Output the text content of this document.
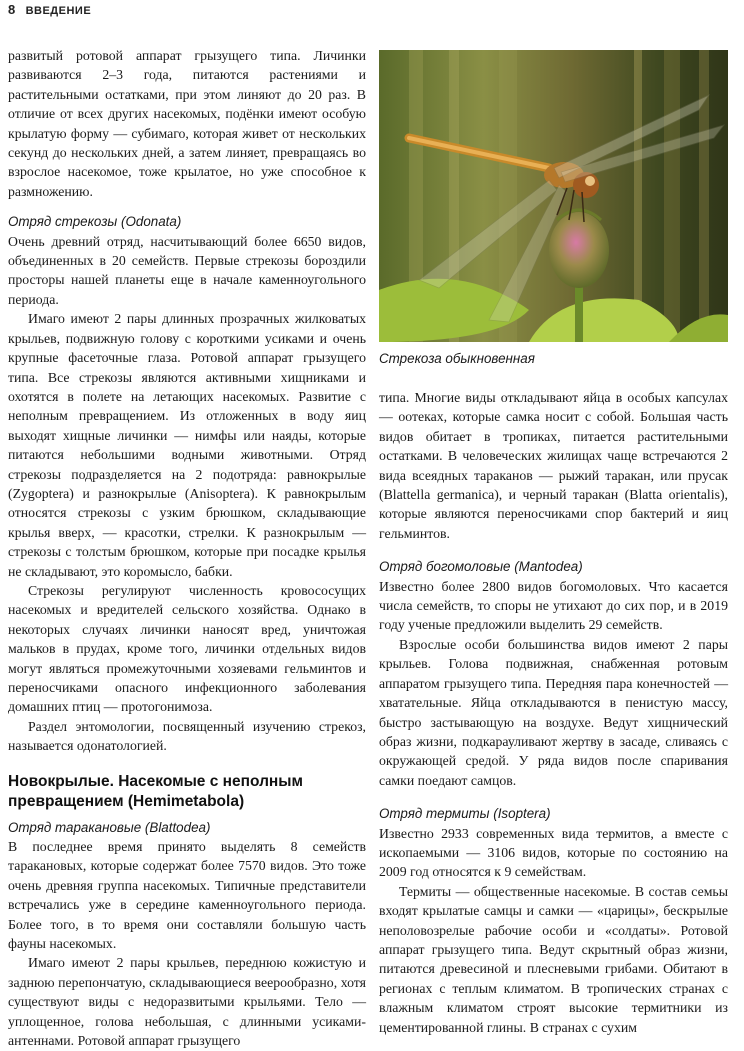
8 ВВЕДЕНИЕ

развитый ротовой аппарат грызущего типа. Личинки развиваются 2–3 года, питаются растениями и растительными остатками, при этом линяют до 20 раз. В отличие от всех других насекомых, подёнки имеют особую крылатую форму — субимаго, которая живет от нескольких секунд до нескольких дней, а затем линяет, превращаясь во взрослое насекомое, тоже крылатое, но уже способное к размножению.

Отряд стрекозы (Odonata)

Очень древний отряд, насчитывающий более 6650 видов, объединенных в 20 семейств. Первые стрекозы бороздили просторы нашей планеты еще в начале каменноугольного периода.

Имаго имеют 2 пары длинных прозрачных жилковатых крыльев, подвижную голову с короткими усиками и очень крупные фасеточные глаза. Ротовой аппарат грызущего типа. Все стрекозы являются активными хищниками и охотятся в полете на летающих насекомых. Развитие с неполным превращением. Из отложенных в воду яиц выходят хищные личинки — нимфы или наяды, которые питаются небольшими водными животными. Отряд стрекозы подразделяется на 2 подотряда: равнокрылые (Zygoptera) и разнокрылые (Anisoptera). К равнокрылым относятся стрекозы с узким брюшком, складывающие крылья вверх, — красотки, стрелки. К разнокрылым — стрекозы с толстым брюшком, которые при посадке крылья не складывают, это коромысло, бабки.

Стрекозы регулируют численность кровососущих насекомых и вредителей сельского хозяйства. Однако в некоторых случаях личинки наносят вред, уничтожая мальков в прудах, кроме того, личинки отдельных видов могут являться промежуточными хозяевами гельминтов и переносчиками опасного инфекционного заболевания домашних птиц — протогонимоза.

Раздел энтомологии, посвященный изучению стрекоз, называется одонатологией.

Новокрылые. Насекомые с неполным превращением (Hemimetabola)

Отряд таракановые (Blattodea)

В последнее время принято выделять 8 семейств таракановых, которые содержат более 7570 видов. Это тоже очень древняя группа насекомых. Типичные представители встречались уже в середине каменноугольного периода. Более того, в то время они составляли большую часть фауны насекомых.

Имаго имеют 2 пары крыльев, переднюю кожистую и заднюю перепончатую, складывающиеся веерообразно, хотя существуют виды с недоразвитыми крыльями. Тело — уплощенное, голова небольшая, с длинными усиками-антеннами. Ротовой аппарат грызущего

Стрекоза обыкновенная

типа. Многие виды откладывают яйца в особых капсулах — оотеках, которые самка носит с собой. Большая часть видов обитает в тропиках, питается растительными остатками. В человеческих жилищах чаще встречаются 2 вида всеядных тараканов — рыжий таракан, или прусак (Blattella germanica), и черный таракан (Blatta orientalis), которые являются переносчиками спор бактерий и яиц гельминтов.

Отряд богомоловые (Mantodea)

Известно более 2800 видов богомоловых. Что касается числа семейств, то споры не утихают до сих пор, и в 2019 году ученые предложили выделить 29 семейств.

Взрослые особи большинства видов имеют 2 пары крыльев. Голова подвижная, снабженная ротовым аппаратом грызущего типа. Передняя пара конечностей — хватательные. Яйца откладываются в пенистую массу, быстро застывающую на воздухе. Ведут хищнический образ жизни, подкарауливают жертву в засаде, сливаясь с окружающей средой. У ряда видов после спаривания самки поедают самцов.

Отряд термиты (Isoptera)

Известно 2933 современных вида термитов, а вместе с ископаемыми — 3106 видов, которые по состоянию на 2009 год относятся к 9 семействам.

Термиты — общественные насекомые. В состав семьы входят крылатые самцы и самки — «царицы», бескрылые неполовозрелые рабочие особи и «солдаты». Ротовой аппарат грызущего типа. Ведут скрытный образ жизни, питаются древесиной и плесневыми грибами. Обитают в регионах с теплым климатом. В тропических странах с влажным климатом строят высокие термитники из цементированной глины. В странах с сухим
